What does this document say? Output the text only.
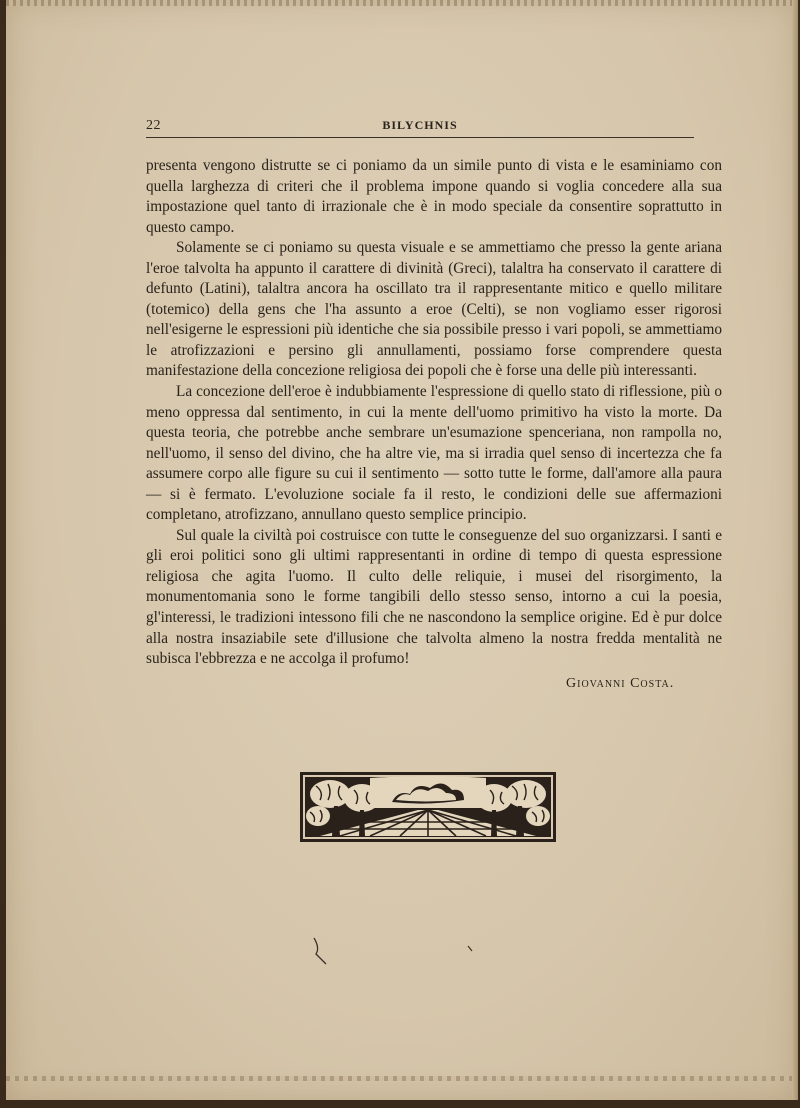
22	BILYCHNIS

presenta vengono distrutte se ci poniamo da un simile punto di vista e le esaminiamo con quella larghezza di criteri che il problema impone quando si voglia concedere alla sua impostazione quel tanto di irrazionale che è in modo speciale da consentire soprattutto in questo campo.

Solamente se ci poniamo su questa visuale e se ammettiamo che presso la gente ariana l'eroe talvolta ha appunto il carattere di divinità (Greci), talaltra ha conservato il carattere di defunto (Latini), talaltra ancora ha oscillato tra il rappresentante mitico e quello militare (totemico) della gens che l'ha assunto a eroe (Celti), se non vogliamo esser rigorosi nell'esigerne le espressioni più identiche che sia possibile presso i vari popoli, se ammettiamo le atrofizzazioni e persino gli annullamenti, possiamo forse comprendere questa manifestazione della concezione religiosa dei popoli che è forse una delle più interessanti.

La concezione dell'eroe è indubbiamente l'espressione di quello stato di riflessione, più o meno oppressa dal sentimento, in cui la mente dell'uomo primitivo ha visto la morte. Da questa teoria, che potrebbe anche sembrare un'esumazione spenceriana, non rampolla no, nell'uomo, il senso del divino, che ha altre vie, ma si irradia quel senso di incertezza che fa assumere corpo alle figure su cui il sentimento — sotto tutte le forme, dall'amore alla paura — si è fermato. L'evoluzione sociale fa il resto, le condizioni delle sue affermazioni completano, atrofizzano, annullano questo semplice principio.

Sul quale la civiltà poi costruisce con tutte le conseguenze del suo organizzarsi. I santi e gli eroi politici sono gli ultimi rappresentanti in ordine di tempo di questa espressione religiosa che agita l'uomo. Il culto delle reliquie, i musei del risorgimento, la monumentomania sono le forme tangibili dello stesso senso, intorno a cui la poesia, gl'interessi, le tradizioni intessono fili che ne nascondono la semplice origine. Ed è pur dolce alla nostra insaziabile sete d'illusione che talvolta almeno la nostra fredda mentalità ne subisca l'ebbrezza e ne accolga il profumo!

Giovanni Costa.
